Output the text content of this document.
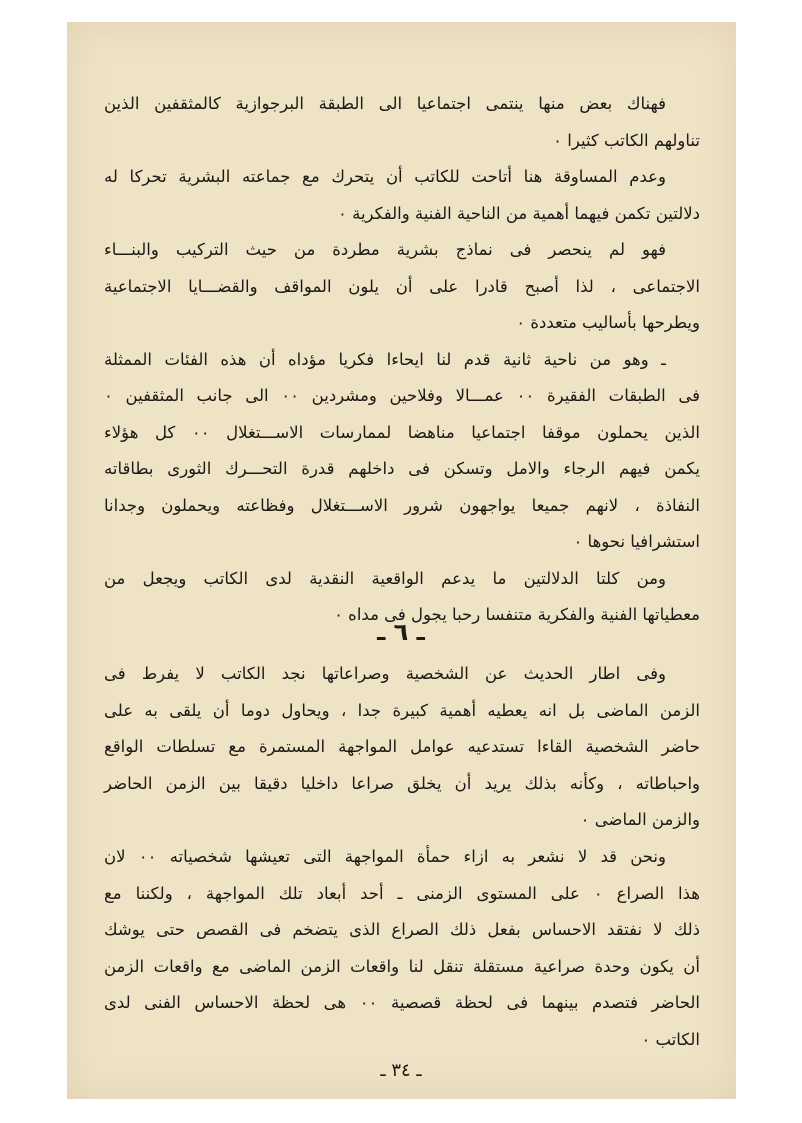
فهناك بعض منها ينتمى اجتماعيا الى الطبقة البرجوازية كالمثقفين الذين

تناولهم الكاتب كثيرا ٠

وعدم المساوقة هنا أتاحت للكاتب أن يتحرك مع جماعته البشرية تحركا له

دلالتين تكمن فيهما أهمية من الناحية الفنية والفكرية ٠

فهو لم ينحصر فى نماذج بشرية مطردة من حيث التركيب والبنـــاء

الاجتماعى ، لذا أصبح قادرا على أن يلون المواقف والقضـــايا الاجتماعية

ويطرحها بأساليب متعددة ٠

ـ وهو من ناحية ثانية قدم لنا ايحاءا فكريا مؤداه أن هذه الفئات الممثلة

فى الطبقات الفقيرة ٠٠ عمـــالا وفلاحين ومشردين ٠٠ الى جانب المثقفين ٠

الذين يحملون موقفا اجتماعيا مناهضا لممارسات الاســـتغلال ٠٠ كل هؤلاء

يكمن فيهم الرجاء والامل وتسكن فى داخلهم قدرة التحـــرك الثورى بطاقاته

النفاذة ، لانهم جميعا يواجهون شرور الاســـتغلال وفظاعته ويحملون وجدانا

استشرافيا نحوها ٠

ومن كلتا الدلالتين ما يدعم الواقعية النقدية لدى الكاتب ويجعل من

معطياتها الفنية والفكرية متنفسا رحبا يجول فى مداه ٠

ـ ٦ ـ

وفى اطار الحديث عن الشخصية وصراعاتها نجد الكاتب لا يفرط فى

الزمن الماضى بل انه يعطيه أهمية كبيرة جدا ، ويحاول دوما أن يلقى به على

حاضر الشخصية القاءا تستدعيه عوامل المواجهة المستمرة مع تسلطات الواقع

واحباطاته ، وكأنه بذلك يريد أن يخلق صراعا داخليا دقيقا بين الزمن الحاضر

والزمن الماضى ٠

ونحن قد لا نشعر به ازاء حمأة المواجهة التى تعيشها شخصياته ٠٠ لان

هذا الصراع ٠ على المستوى الزمنى ـ أحد أبعاد تلك المواجهة ، ولكننا مع

ذلك لا نفتقد الاحساس بفعل ذلك الصراع الذى يتضخم فى القصص حتى يوشك

أن يكون وحدة صراعية مستقلة تنقل لنا واقعات الزمن الماضى مع واقعات الزمن

الحاضر فتصدم بينهما فى لحظة قصصية ٠٠ هى لحظة الاحساس الفنى لدى

الكاتب ٠

ـ ٣٤ ـ
